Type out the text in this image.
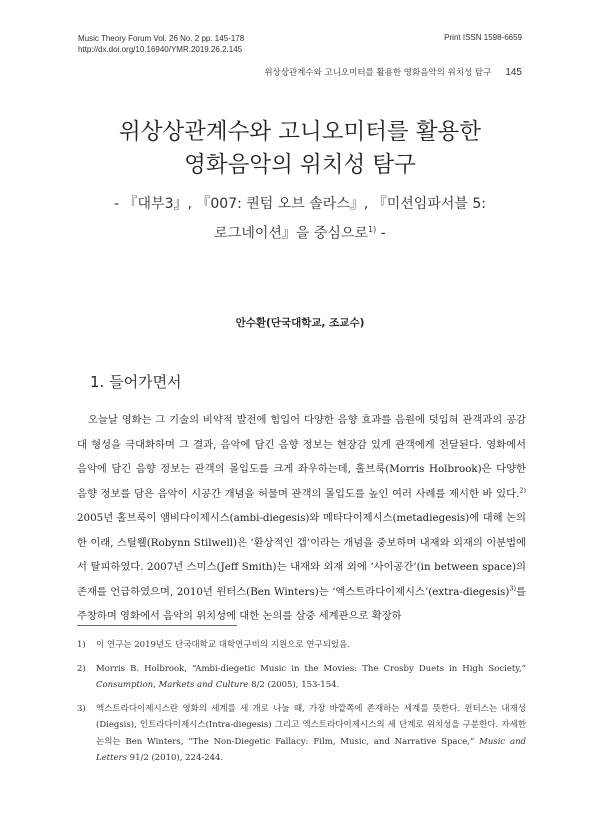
Music Theory Forum Vol. 26 No. 2 pp. 145-178
http://dx.doi.org/10.16940/YMR.2019.26.2.145
Print ISSN 1598-6659
위상상관계수와 고니오미터를 활용한 영화음악의 위치성 탐구 145
위상상관계수와 고니오미터를 활용한
영화음악의 위치성 탐구
- 『대부3』, 『007: 퀀텀 오브 솔라스』, 『미션임파서블 5:
로그네이션』을 중심으로$^{1)}$ -
안수환(단국대학교, 조교수)
1. 들어가면서

오늘날 영화는 그 기술의 비약적 발전에 힘입어 다양한 음향 효과를 음원에 덧입혀 관객과의 공감대 형성을 극대화하며 그 결과, 음악에 담긴 음향 정보는 현장감 있게 관객에게 전달된다. 영화에서 음악에 담긴 음향 정보는 관객의 몰입도를 크게 좌우하는데, 홀브룩(Morris Holbrook)은 다양한 음향 정보를 담은 음악이 시공간 개념을 허물며 관객의 몰입도를 높인 여러 사례를 제시한 바 있다.$^{2)}$ 2005년 홀브룩이 앰비다이제시스(ambi-diegesis)와 메타다이제시스(metadiegesis)에 대해 논의한 이래, 스틸웰(Robynn Stilwell)은 ‘환상적인 갭’이라는 개념을 중보하며 내재와 외재의 이분법에서 탈피하였다. 2007년 스미스(Jeff Smith)는 내재와 외재 외에 ‘사이공간’(in between space)의 존재를 언급하였으며, 2010년 윈터스(Ben Winters)는 ‘엑스트라다이제시스’(extra-diegesis)$^{3)}$를 주창하며 영화에서 음악의 위치성에 대한 논의를 삼중 세계관으로 확장하

1)	이 연구는 2019년도 단국대학교 대학연구비의 지원으로 연구되었음.
2)	Morris B. Holbrook, “Ambi-diegetic Music in the Movies: The Crosby Duets in High Society,” Consumption, Markets and Culture 8/2 (2005), 153-154.
3)	엑스트라다이제시스란 영화의 세계를 세 개로 나눌 때, 가장 바깥쪽에 존재하는 세계를 뜻한다. 윈터스는 내재성(Diegsis), 인트라다이제시스(Intra-diegesis) 그리고 엑스트라다이제시스의 세 단계로 위치성을 구분한다. 자세한 논의는 Ben Winters, “The Non-Diegetic Fallacy: Film, Music, and Narrative Space,” Music and Letters 91/2 (2010), 224-244.
